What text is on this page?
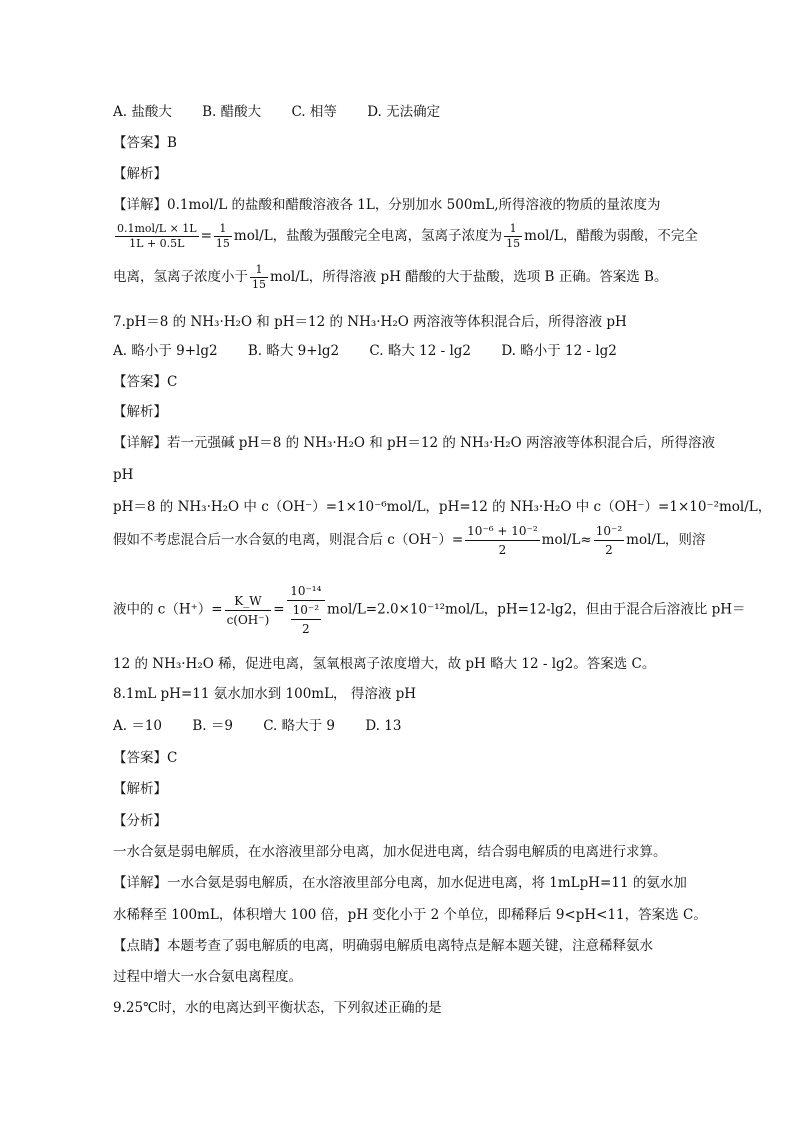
A. 盐酸大 B. 醋酸大 C. 相等 D. 无法确定
【答案】B
【解析】
【详解】0.1mol/L 的盐酸和醋酸溶液各 1L，分别加水 500mL,所得溶液的物质的量浓度为
$\frac{\text{0.1mol/L × 1L}}{1L + 0.5L} = \frac{1}{15} mol/L$，盐酸为强酸完全电离，氢离子浓度为 $\frac{1}{15} mol/L$，醋酸为弱酸，不完全
电离，氢离子浓度小于 $\frac{1}{15} mol/L$，所得溶液 pH 醋酸的大于盐酸，选项 B 正确。答案选 B。
7.pH＝8 的 NH₃·H₂O 和 pH＝12 的 NH₃·H₂O 两溶液等体积混合后，所得溶液 pH
A. 略小于 9+lg2 B. 略大 9+lg2 C. 略大 12 - lg2 D. 略小于 12 - lg2
【答案】C
【解析】
【详解】若一元强碱 pH＝8 的 NH₃·H₂O 和 pH＝12 的 NH₃·H₂O 两溶液等体积混合后，所得溶液
pH
pH＝8 的 NH₃·H₂O 中 c（OH⁻）=1×10⁻⁶mol/L，pH=12 的 NH₃·H₂O 中 c（OH⁻）=1×10⁻²mol/L，
假如不考虑混合后一水合氨的电离，则混合后 $c(OH^-)= \frac{\text{10⁻⁶ + 10⁻²}}{2} mol/L\approx \frac{\text{10⁻²}}{2} mol/L$，则溶
液中的 $c(H^+)= \frac{K\_W}{c(OH^-)} = \frac{\text{10⁻¹⁴}}{\frac{\text{10⁻²}}{2}} mol/L=2.0\times 10^{-12}mol/L$，pH=12-lg2，但由于混合后溶液比 pH＝
12 的 NH₃·H₂O 稀，促进电离，氢氧根离子浓度增大，故 pH 略大 12 - lg2。答案选 C。
8.1mL pH=11 氨水加水到 100mL， 得溶液 pH
A. ＝10 B. ＝9 C. 略大于 9 D. 13
【答案】C
【解析】
【分析】
一水合氨是弱电解质，在水溶液里部分电离，加水促进电离，结合弱电解质的电离进行求算。
【详解】一水合氨是弱电解质，在水溶液里部分电离，加水促进电离，将 1mLpH=11 的氨水加
水稀释至 100mL，体积增大 100 倍，pH 变化小于 2 个单位，即稀释后 9<pH<11，答案选 C。
【点睛】本题考查了弱电解质的电离，明确弱电解质电离特点是解本题关键，注意稀释氨水
过程中增大一水合氨电离程度。
9.25℃时，水的电离达到平衡状态，下列叙述正确的是
